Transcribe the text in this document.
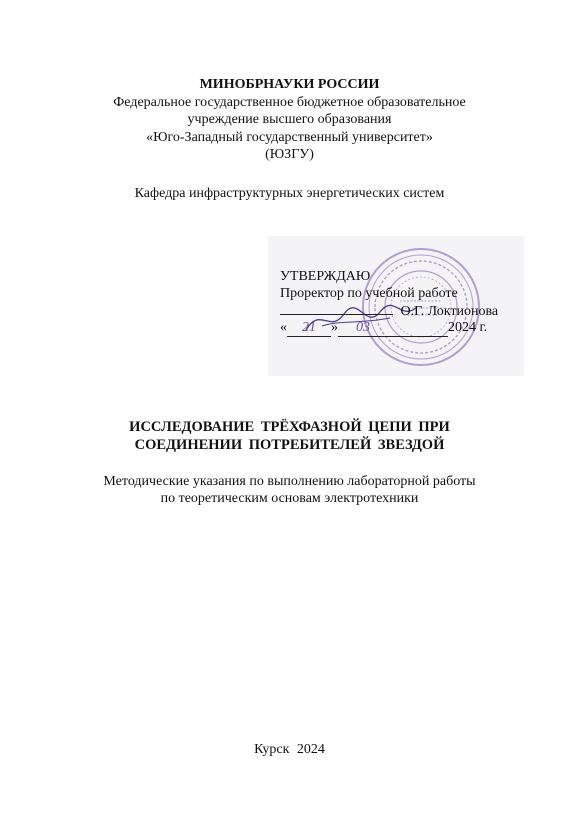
МИНОБРНАУКИ РОССИИ
Федеральное государственное бюджетное образовательное
учреждение высшего образования
«Юго-Западный государственный университет»
(ЮЗГУ)
Кафедра инфраструктурных энергетических систем
УТВЕРЖДАЮ
Проректор по учебной работе
О.Г. Локтионова
« 21 » 03	2024 г.
ИССЛЕДОВАНИЕ ТРЁХФАЗНОЙ ЦЕПИ ПРИ
СОЕДИНЕНИИ ПОТРЕБИТЕЛЕЙ ЗВЕЗДОЙ
Методические указания по выполнению лабораторной работы
по теоретическим основам электротехники
Курск 2024
